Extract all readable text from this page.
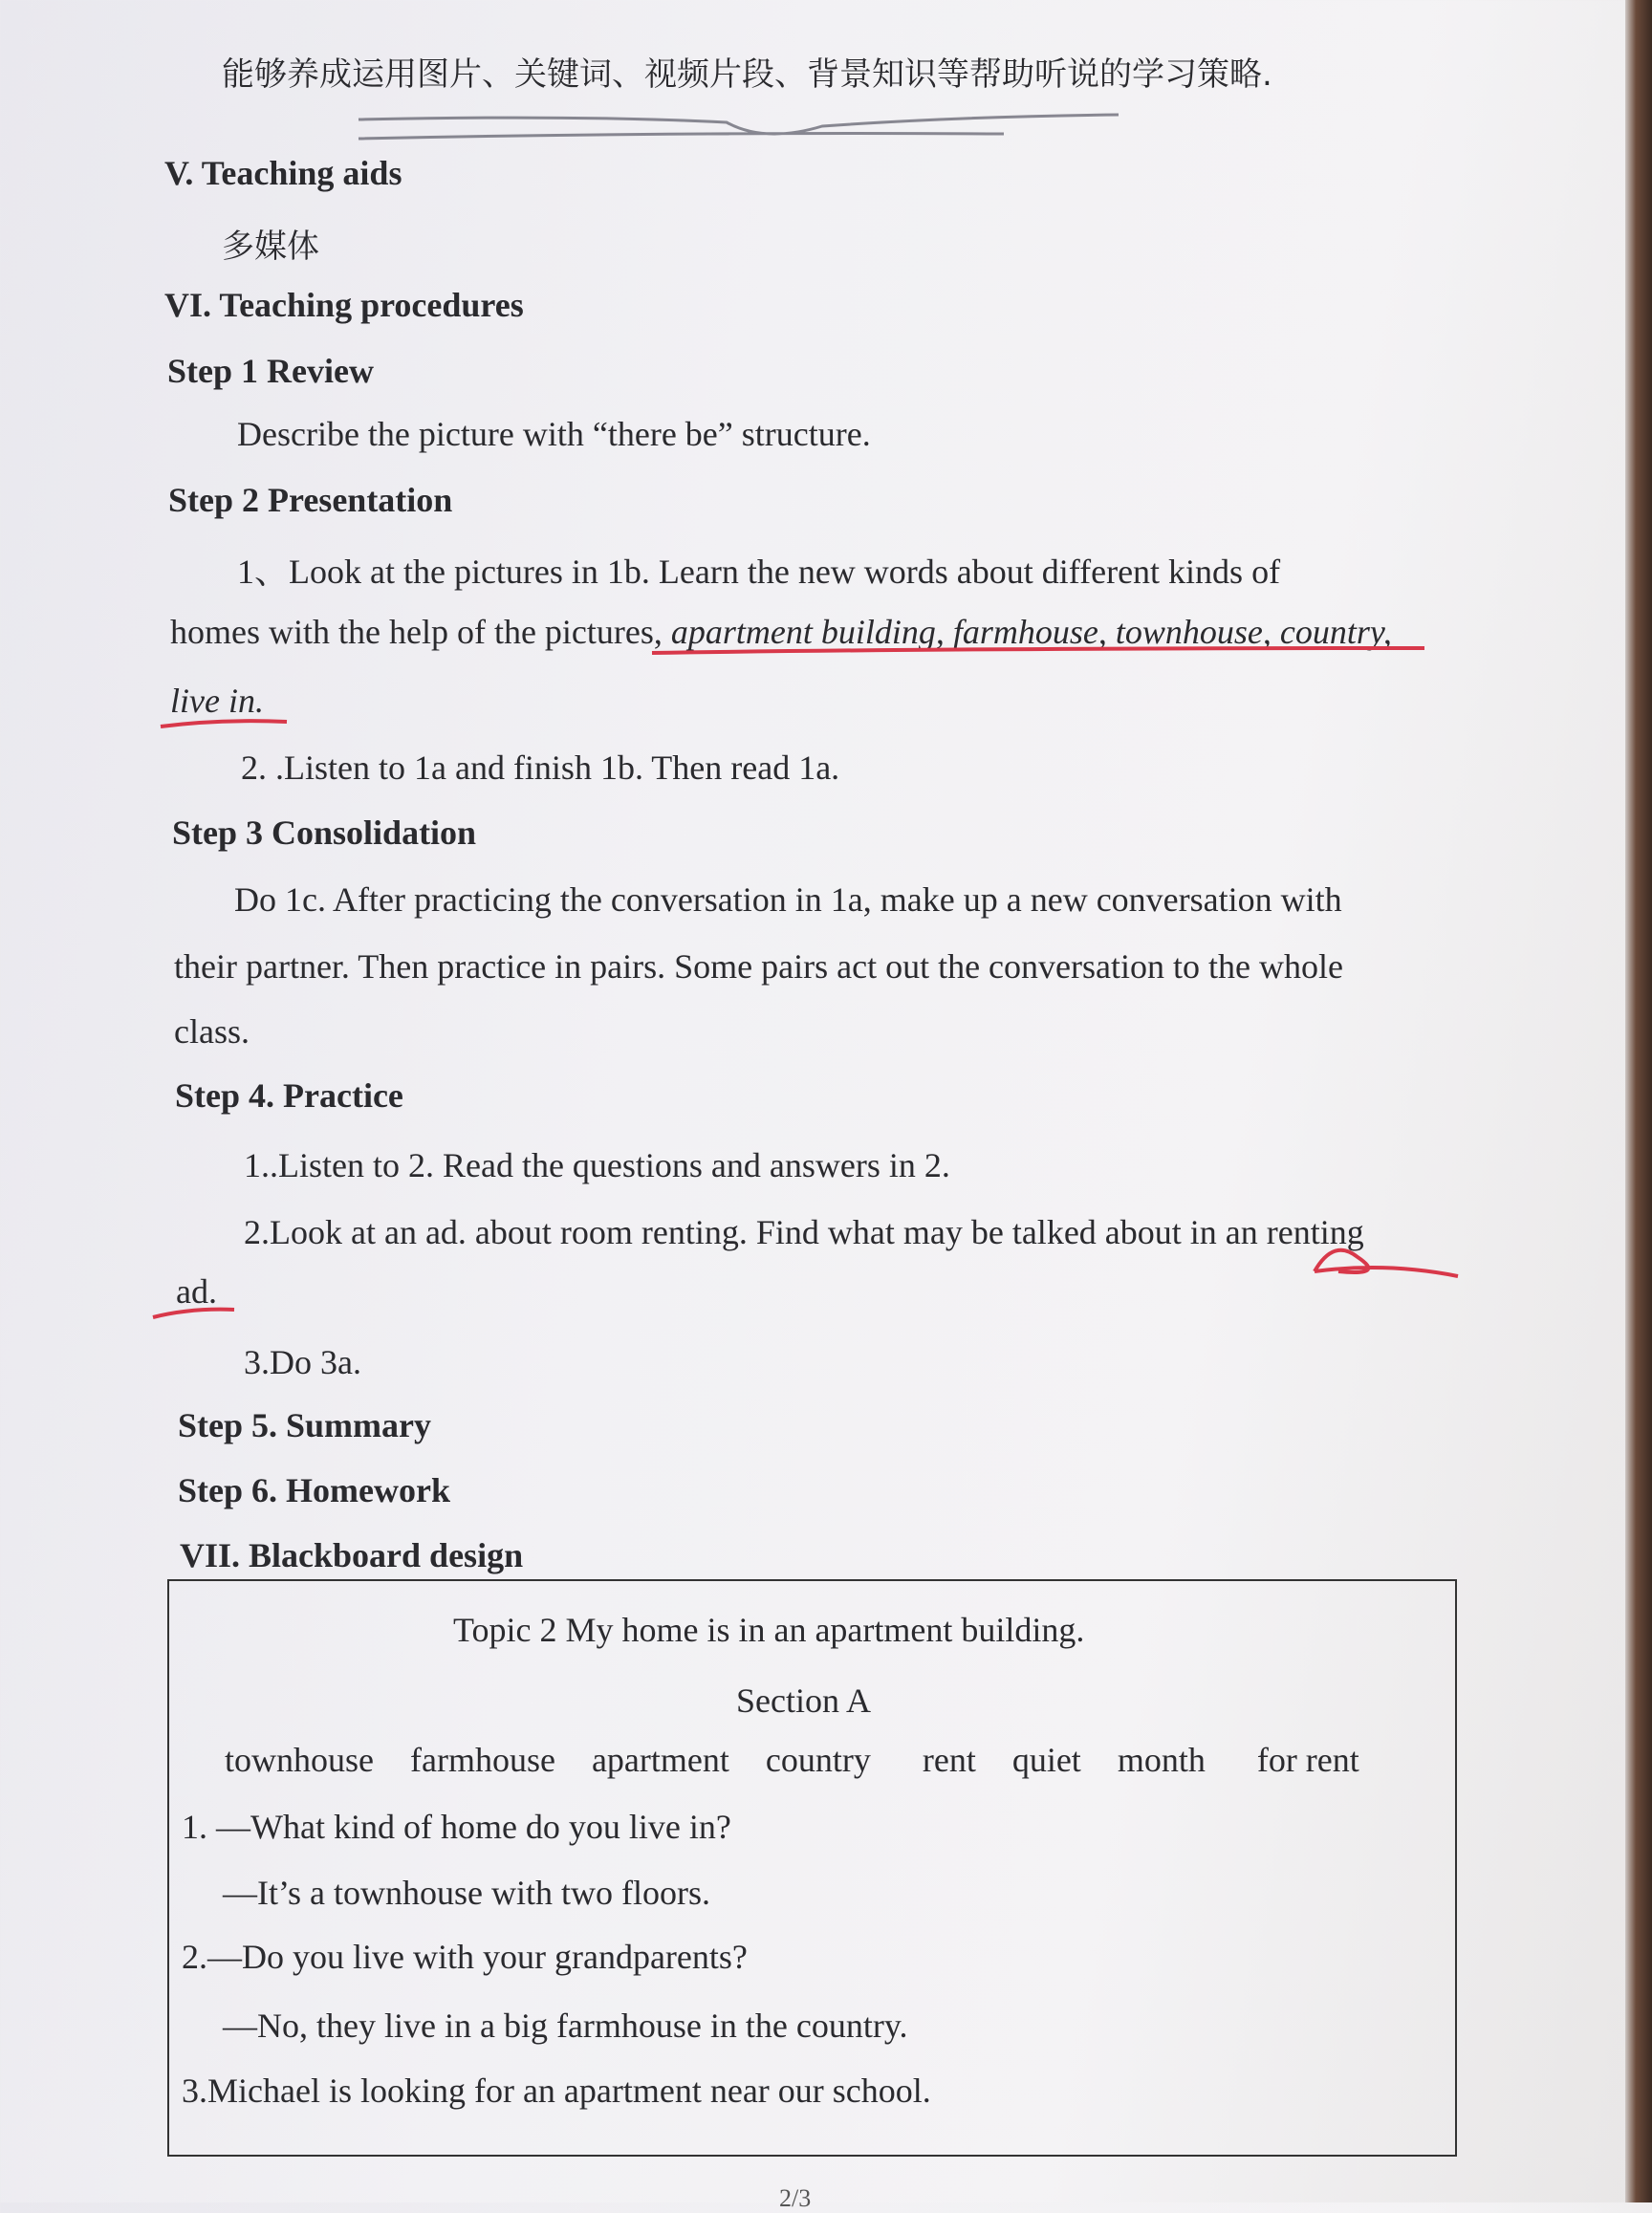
能够养成运用图片、关键词、视频片段、背景知识等帮助听说的学习策略.
V. Teaching aids
多媒体
VI. Teaching procedures
Step 1 Review
Describe the picture with “there be” structure.
Step 2 Presentation
1、Look at the pictures in 1b. Learn the new words about different kinds of
homes with the help of the pictures, apartment building, farmhouse, townhouse, country,
live in.
2. .Listen to 1a and finish 1b. Then read 1a.
Step 3 Consolidation
Do 1c. After practicing the conversation in 1a, make up a new conversation with
their partner. Then practice in pairs. Some pairs act out the conversation to the whole
class.
Step 4. Practice
1..Listen to 2. Read the questions and answers in 2.
2.Look at an ad. about room renting. Find what may be talked about in an renting
ad.
3.Do 3a.
Step 5. Summary
Step 6. Homework
VII. Blackboard design
Topic 2 My home is in an apartment building.
Section A
townhouse farmhouse apartment country rent quiet month for rent
1. —What kind of home do you live in?
—It’s a townhouse with two floors.
2.—Do you live with your grandparents?
—No, they live in a big farmhouse in the country.
3.Michael is looking for an apartment near our school.
2/3
